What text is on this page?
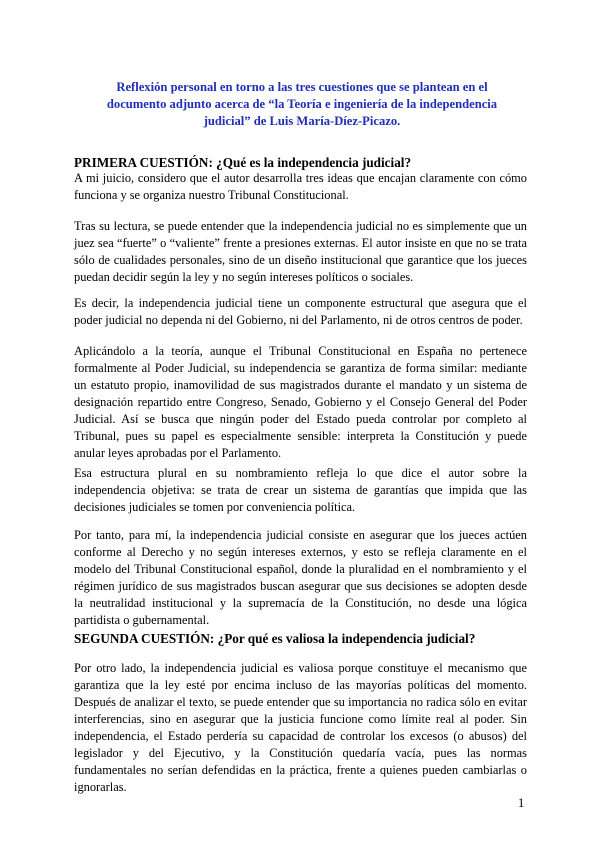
Reflexión personal en torno a las tres cuestiones que se plantean en el documento adjunto acerca de “la Teoría e ingeniería de la independencia judicial” de Luis María-Díez-Picazo.
PRIMERA CUESTIÓN: ¿Qué es la independencia judicial?

A mi juicio, considero que el autor desarrolla tres ideas que encajan claramente con cómo funciona y se organiza nuestro Tribunal Constitucional.

Tras su lectura, se puede entender que la independencia judicial no es simplemente que un juez sea “fuerte” o “valiente” frente a presiones externas. El autor insiste en que no se trata sólo de cualidades personales, sino de un diseño institucional que garantice que los jueces puedan decidir según la ley y no según intereses políticos o sociales.

Es decir, la independencia judicial tiene un componente estructural que asegura que el poder judicial no dependa ni del Gobierno, ni del Parlamento, ni de otros centros de poder.

Aplicándolo a la teoría, aunque el Tribunal Constitucional en España no pertenece formalmente al Poder Judicial, su independencia se garantiza de forma similar: mediante un estatuto propio, inamovilidad de sus magistrados durante el mandato y un sistema de designación repartido entre Congreso, Senado, Gobierno y el Consejo General del Poder Judicial. Así se busca que ningún poder del Estado pueda controlar por completo al Tribunal, pues su papel es especialmente sensible: interpreta la Constitución y puede anular leyes aprobadas por el Parlamento.

Esa estructura plural en su nombramiento refleja lo que dice el autor sobre la independencia objetiva: se trata de crear un sistema de garantías que impida que las decisiones judiciales se tomen por conveniencia política.

Por tanto, para mí, la independencia judicial consiste en asegurar que los jueces actúen conforme al Derecho y no según intereses externos, y esto se refleja claramente en el modelo del Tribunal Constitucional español, donde la pluralidad en el nombramiento y el régimen jurídico de sus magistrados buscan asegurar que sus decisiones se adopten desde la neutralidad institucional y la supremacía de la Constitución, no desde una lógica partidista o gubernamental.

SEGUNDA CUESTIÓN: ¿Por qué es valiosa la independencia judicial?

Por otro lado, la independencia judicial es valiosa porque constituye el mecanismo que garantiza que la ley esté por encima incluso de las mayorías políticas del momento. Después de analizar el texto, se puede entender que su importancia no radica sólo en evitar interferencias, sino en asegurar que la justicia funcione como límite real al poder. Sin independencia, el Estado perdería su capacidad de controlar los excesos (o abusos) del legislador y del Ejecutivo, y la Constitución quedaría vacía, pues las normas fundamentales no serían defendidas en la práctica, frente a quienes pueden cambiarlas o ignorarlas.

1
